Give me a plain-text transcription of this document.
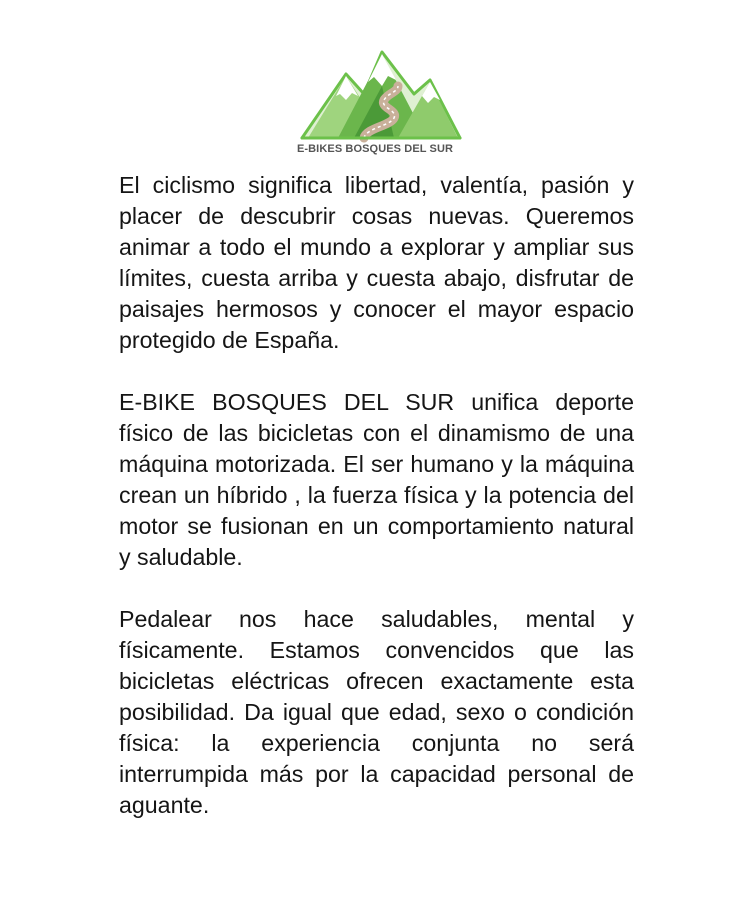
E-BIKES BOSQUES DEL SUR

El ciclismo significa libertad, valentía, pasión y placer de descubrir cosas nuevas. Queremos animar a todo el mundo a explorar y ampliar sus límites, cuesta arriba y cuesta abajo, disfrutar de paisajes hermosos y conocer el mayor espacio protegido de España.

E-BIKE BOSQUES DEL SUR unifica deporte físico de las bicicletas con el dinamismo de una máquina motorizada. El ser humano y la máquina crean un híbrido , la fuerza física y la potencia del motor se fusionan en un comportamiento natural y saludable.

Pedalear nos hace saludables, mental y físicamente. Estamos convencidos que las bicicletas eléctricas ofrecen exactamente esta posibilidad. Da igual que edad, sexo o condición física: la experiencia conjunta no será interrumpida más por la capacidad personal de aguante.
